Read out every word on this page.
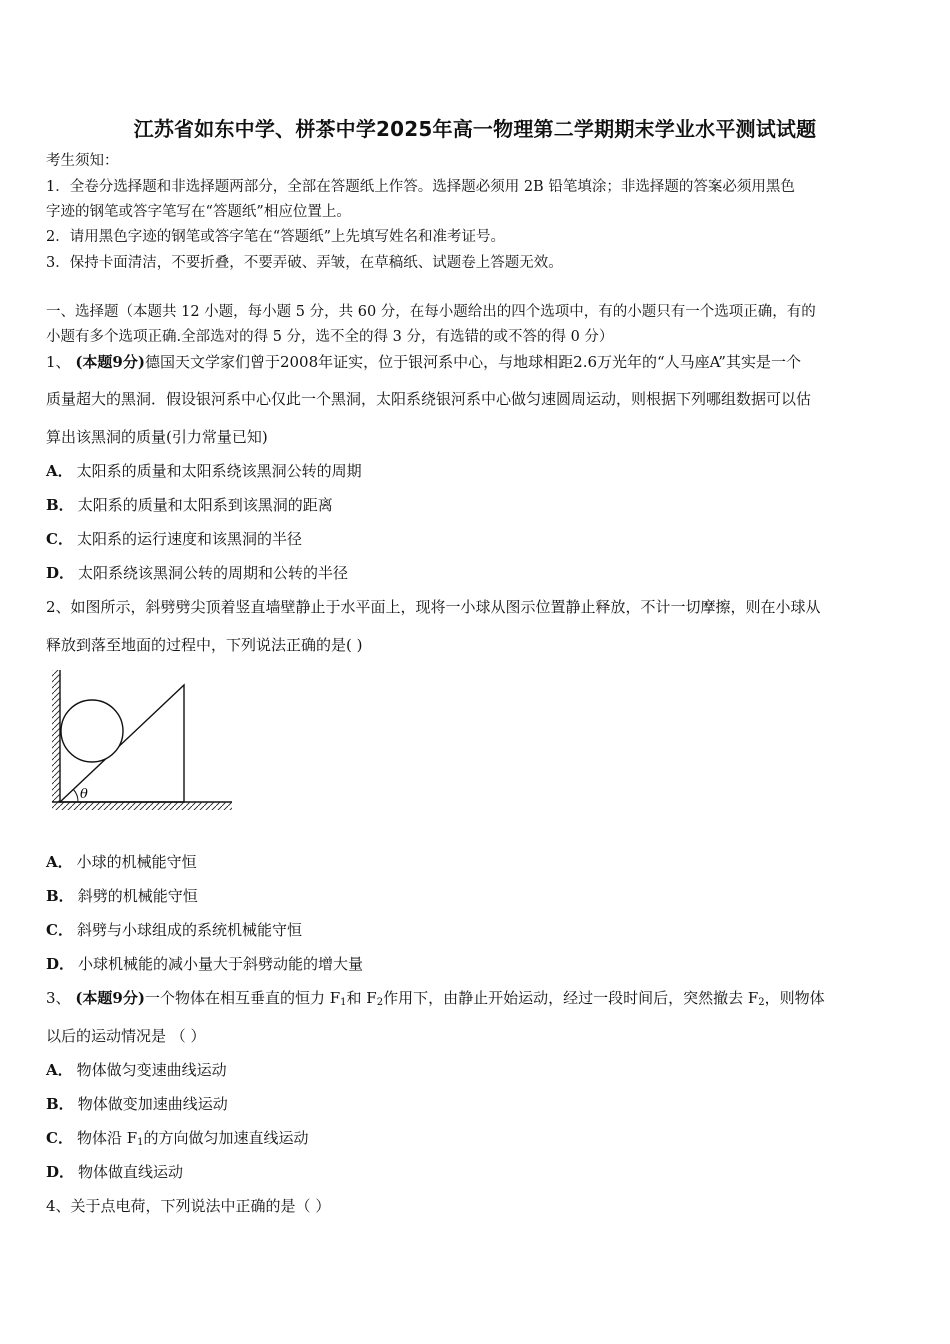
江苏省如东中学、栟茶中学2025年高一物理第二学期期末学业水平测试试题
考生须知：
1．全卷分选择题和非选择题两部分，全部在答题纸上作答。选择题必须用 2B 铅笔填涂；非选择题的答案必须用黑色
字迹的钢笔或答字笔写在“答题纸”相应位置上。
2．请用黑色字迹的钢笔或答字笔在“答题纸”上先填写姓名和准考证号。
3．保持卡面清洁，不要折叠，不要弄破、弄皱，在草稿纸、试题卷上答题无效。
一、选择题（本题共 12 小题，每小题 5 分，共 60 分，在每小题给出的四个选项中，有的小题只有一个选项正确，有的
小题有多个选项正确.全部选对的得 5 分，选不全的得 3 分，有选错的或不答的得 0 分）
1、 (本题9分)德国天文学家们曾于2008年证实，位于银河系中心，与地球相距2.6万光年的“人马座A”其实是一个
质量超大的黑洞．假设银河系中心仅此一个黑洞，太阳系绕银河系中心做匀速圆周运动，则根据下列哪组数据可以估
算出该黑洞的质量(引力常量已知)
A． 太阳系的质量和太阳系绕该黑洞公转的周期
B． 太阳系的质量和太阳系到该黑洞的距离
C． 太阳系的运行速度和该黑洞的半径
D． 太阳系绕该黑洞公转的周期和公转的半径
2、如图所示，斜劈劈尖顶着竖直墙壁静止于水平面上，现将一小球从图示位置静止释放，不计一切摩擦，则在小球从
释放到落至地面的过程中，下列说法正确的是( )
θ
A． 小球的机械能守恒
B． 斜劈的机械能守恒
C． 斜劈与小球组成的系统机械能守恒
D． 小球机械能的减小量大于斜劈动能的增大量
3、 (本题9分)一个物体在相互垂直的恒力 $F_1$和 $F_2$作用下，由静止开始运动，经过一段时间后，突然撤去 $F_2$，则物体
以后的运动情况是 （ ）
A． 物体做匀变速曲线运动
B． 物体做变加速曲线运动
C． 物体沿 $F_1$的方向做匀加速直线运动
D． 物体做直线运动
4、关于点电荷，下列说法中正确的是（ ）
